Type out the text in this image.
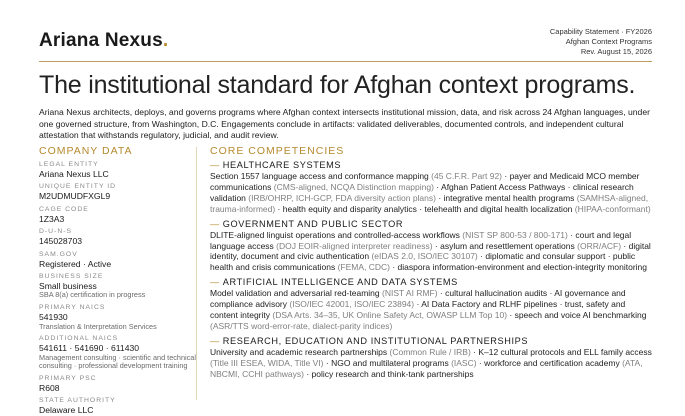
Ariana Nexus.	Capability Statement · FY2026
Afghan Context Programs
Rev. August 15, 2026
The institutional standard for Afghan context programs.

Ariana Nexus architects, deploys, and governs programs where Afghan context intersects institutional mission, data, and risk across 24 Afghan languages, under one governed structure, from Washington, D.C. Engagements conclude in artifacts: validated deliverables, documented controls, and independent cultural attestation that withstands regulatory, judicial, and audit review.

COMPANY DATA
LEGAL ENTITY
Ariana Nexus LLC
UNIQUE ENTITY ID
M2UDMUDFXGL9
CAGE CODE
1Z3A3
D-U-N-S
145028703
SAM.GOV
Registered · Active
BUSINESS SIZE
Small business
SBA 8(a) certification in progress
PRIMARY NAICS
541930
Translation & Interpretation Services
ADDITIONAL NAICS
541611 · 541690 · 611430
Management consulting · scientific and technical consulting · professional development training
PRIMARY PSC
R608
STATE AUTHORITY
Delaware LLC
CORE COMPETENCIES
— HEALTHCARE SYSTEMS
Section 1557 language access and conformance mapping (45 C.F.R. Part 92) · payer and Medicaid MCO member communications (CMS-aligned, NCQA Distinction mapping) · Afghan Patient Access Pathways · clinical research validation (IRB/OHRP, ICH-GCP, FDA diversity action plans) · integrative mental health programs (SAMHSA-aligned, trauma-informed) · health equity and disparity analytics · telehealth and digital health localization (HIPAA-conformant)
— GOVERNMENT AND PUBLIC SECTOR
DLITE-aligned linguist operations and controlled-access workflows (NIST SP 800-53 / 800-171) · court and legal language access (DOJ EOIR-aligned interpreter readiness) · asylum and resettlement operations (ORR/ACF) · digital identity, document and civic authentication (eIDAS 2.0, ISO/IEC 30107) · diplomatic and consular support · public health and crisis communications (FEMA, CDC) · diaspora information-environment and election-integrity monitoring
— ARTIFICIAL INTELLIGENCE AND DATA SYSTEMS
Model validation and adversarial red-teaming (NIST AI RMF) · cultural hallucination audits · AI governance and compliance advisory (ISO/IEC 42001, ISO/IEC 23894) · AI Data Factory and RLHF pipelines · trust, safety and content integrity (DSA Arts. 34–35, UK Online Safety Act, OWASP LLM Top 10) · speech and voice AI benchmarking (ASR/TTS word-error-rate, dialect-parity indices)
— RESEARCH, EDUCATION AND INSTITUTIONAL PARTNERSHIPS
University and academic research partnerships (Common Rule / IRB) · K–12 cultural protocols and ELL family access (Title III ESEA, WIDA, Title VI) · NGO and multilateral programs (IASC) · workforce and certification academy (ATA, NBCMI, CCHI pathways) · policy research and think-tank partnerships
